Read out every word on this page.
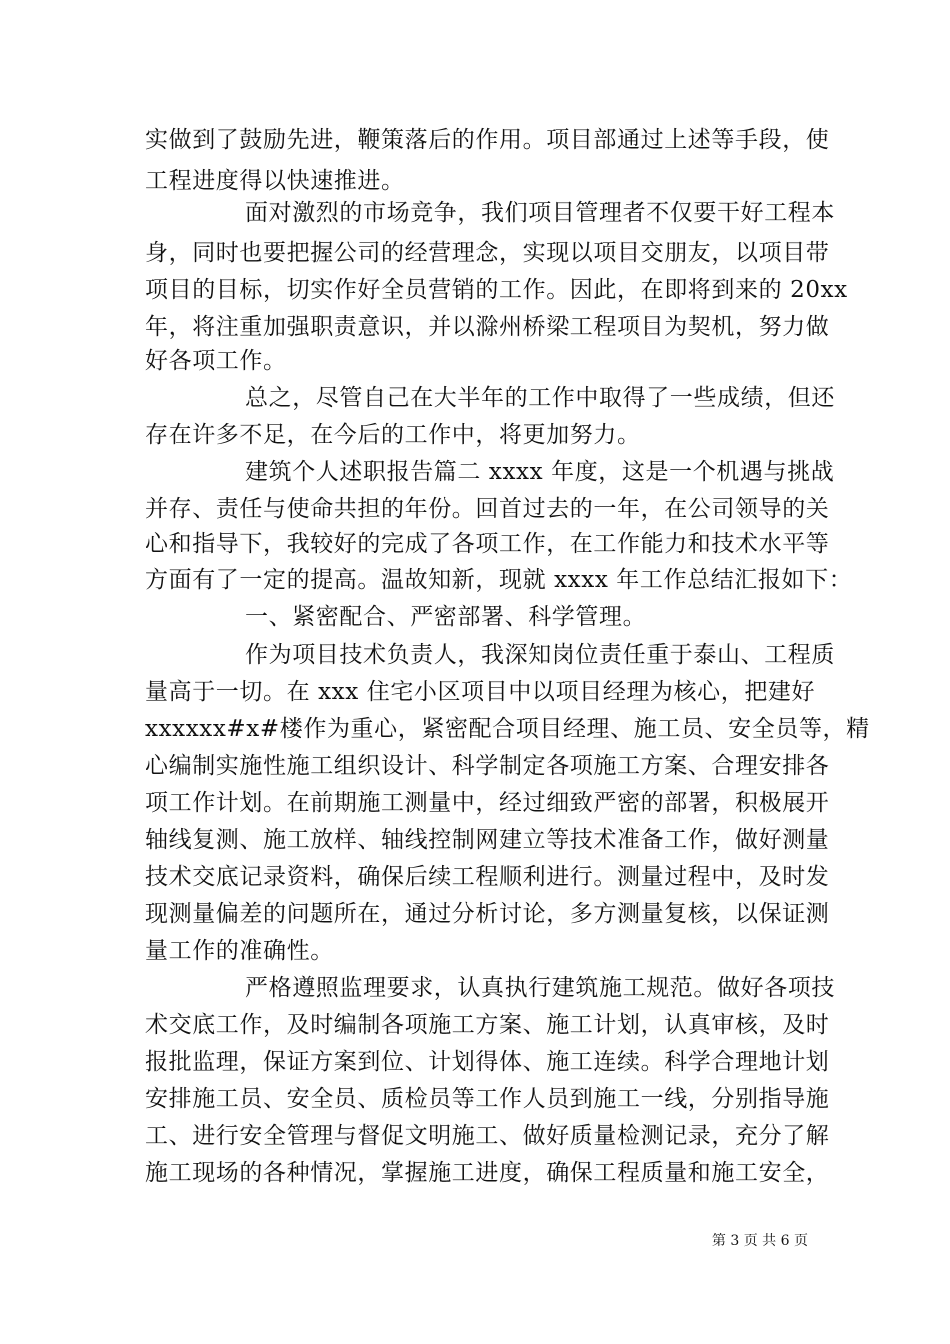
实做到了鼓励先进，鞭策落后的作用。项目部通过上述等手段，使
工程进度得以快速推进。
面对激烈的市场竞争，我们项目管理者不仅要干好工程本
身，同时也要把握公司的经营理念，实现以项目交朋友，以项目带
项目的目标，切实作好全员营销的工作。因此，在即将到来的 20xx
年，将注重加强职责意识，并以滁州桥梁工程项目为契机，努力做
好各项工作。
总之，尽管自己在大半年的工作中取得了一些成绩，但还
存在许多不足，在今后的工作中，将更加努力。
建筑个人述职报告篇二 xxxx 年度，这是一个机遇与挑战
并存、责任与使命共担的年份。回首过去的一年，在公司领导的关
心和指导下，我较好的完成了各项工作，在工作能力和技术水平等
方面有了一定的提高。温故知新，现就 xxxx 年工作总结汇报如下：
一、紧密配合、严密部署、科学管理。
作为项目技术负责人，我深知岗位责任重于泰山、工程质
量高于一切。在 xxx 住宅小区项目中以项目经理为核心，把建好
xxxxxx#x#楼作为重心，紧密配合项目经理、施工员、安全员等，精
心编制实施性施工组织设计、科学制定各项施工方案、合理安排各
项工作计划。在前期施工测量中，经过细致严密的部署，积极展开
轴线复测、施工放样、轴线控制网建立等技术准备工作，做好测量
技术交底记录资料，确保后续工程顺利进行。测量过程中，及时发
现测量偏差的问题所在，通过分析讨论，多方测量复核，以保证测
量工作的准确性。
严格遵照监理要求，认真执行建筑施工规范。做好各项技
术交底工作，及时编制各项施工方案、施工计划，认真审核，及时
报批监理，保证方案到位、计划得体、施工连续。科学合理地计划
安排施工员、安全员、质检员等工作人员到施工一线，分别指导施
工、进行安全管理与督促文明施工、做好质量检测记录，充分了解
施工现场的各种情况，掌握施工进度，确保工程质量和施工安全，
第 3 页 共 6 页
